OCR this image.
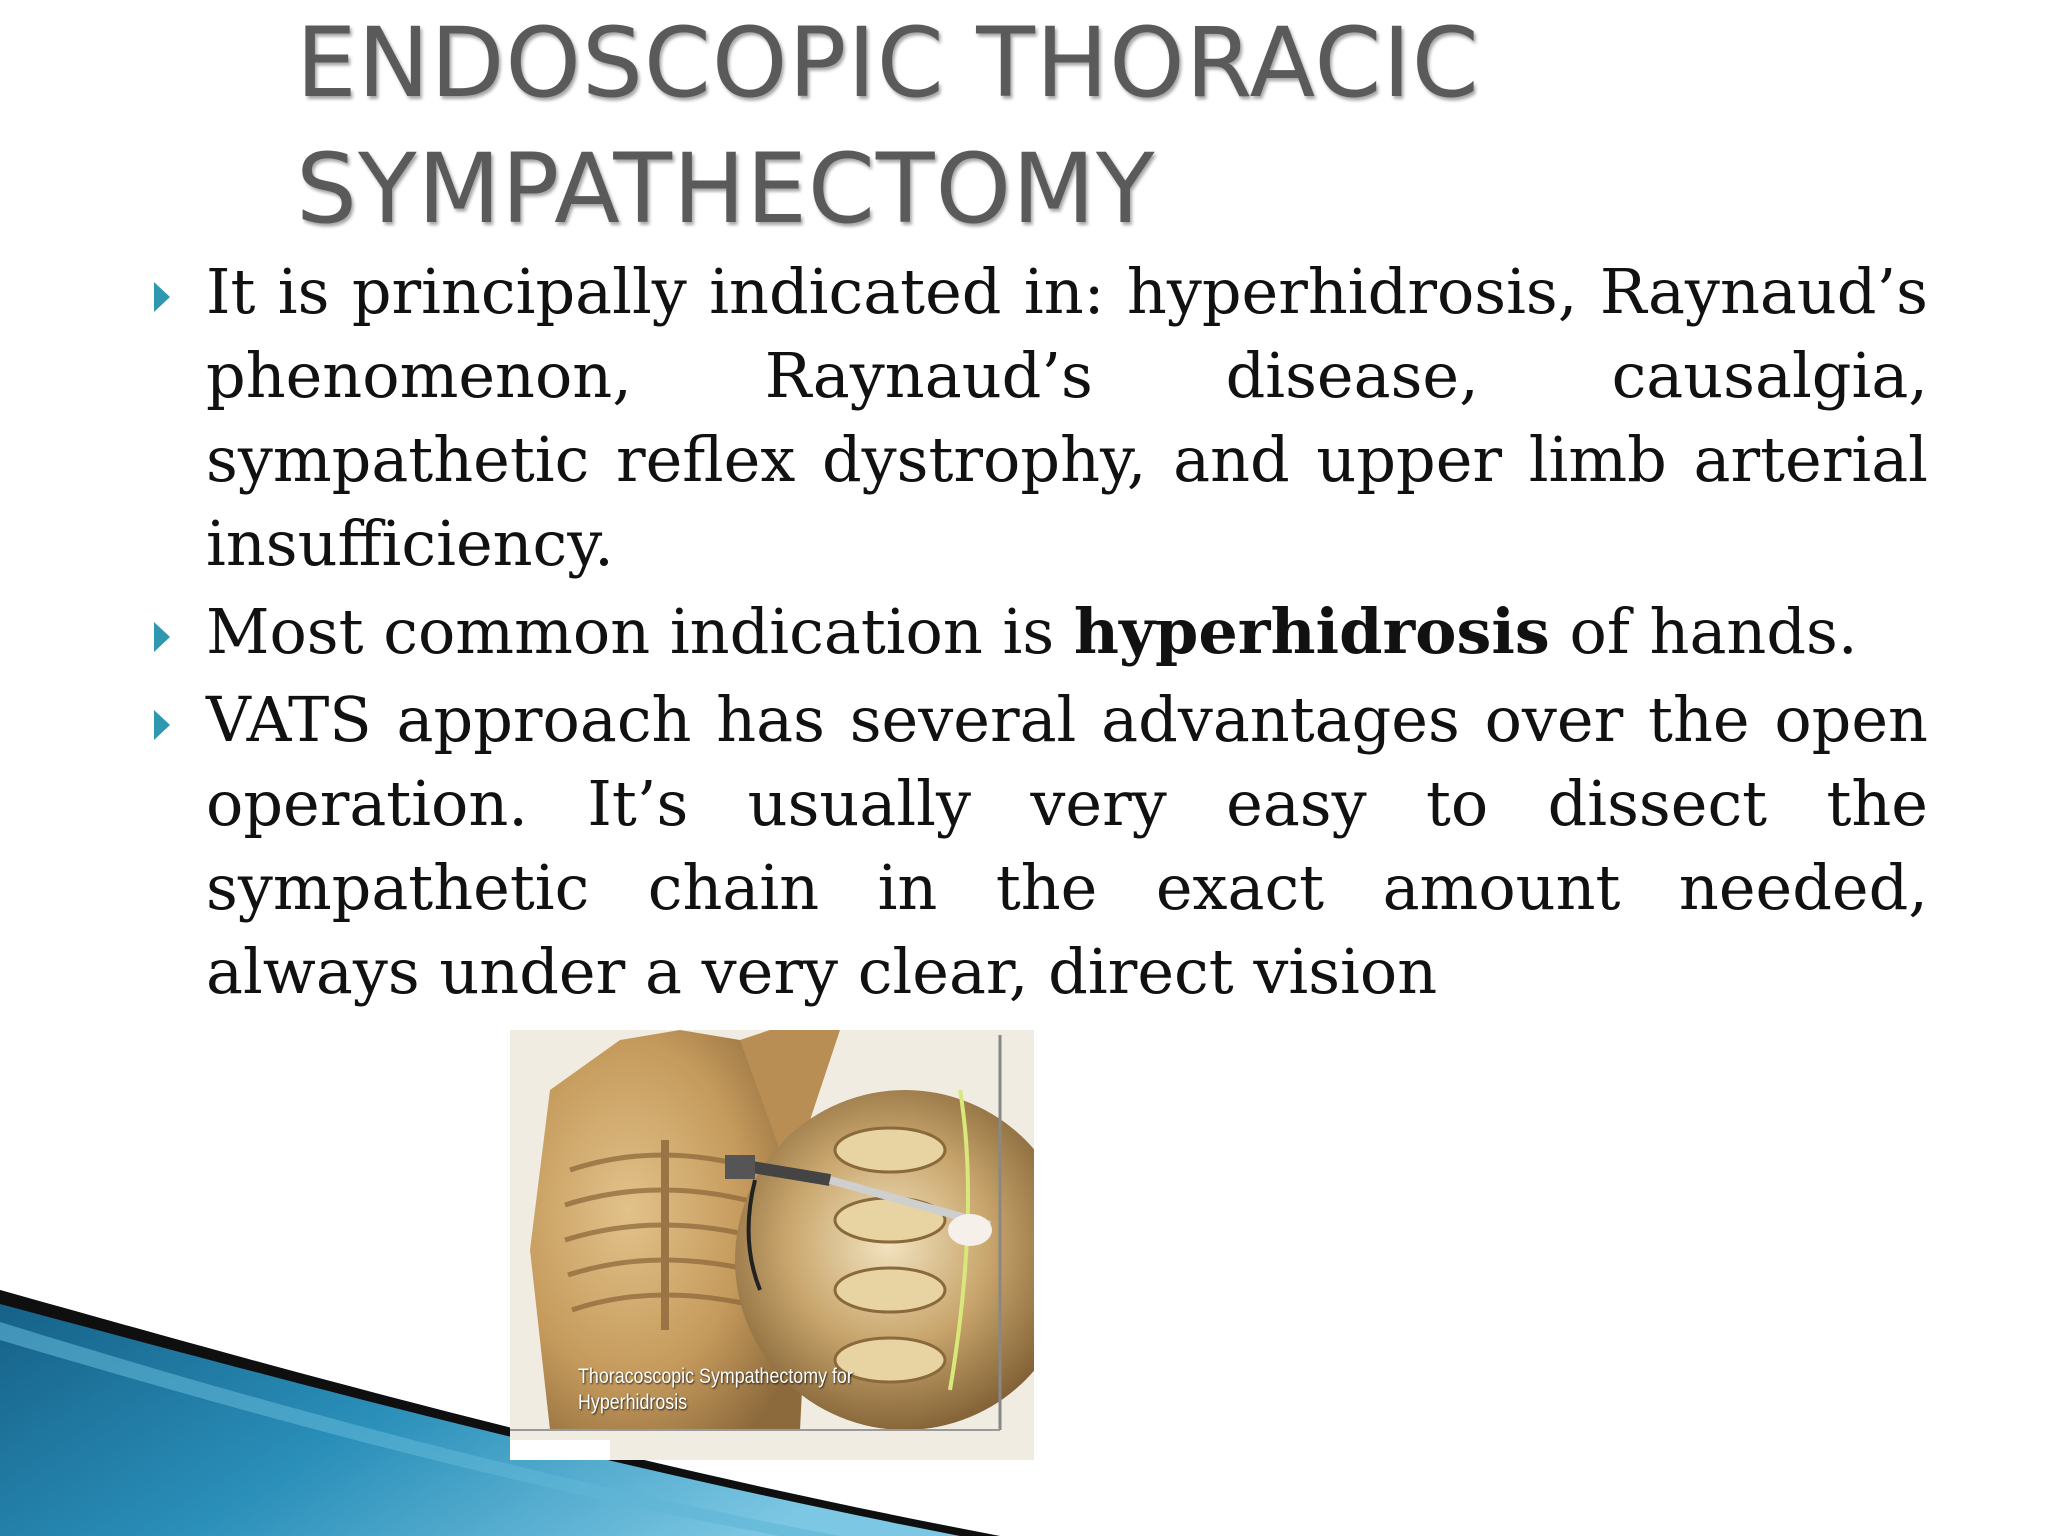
ENDOSCOPIC THORACIC
SYMPATHECTOMY
It is principally indicated in: hyperhidrosis, Raynaud’s phenomenon, Raynaud’s disease, causalgia, sympathetic reflex dystrophy, and upper limb arterial insufficiency.
Most common indication is hyperhidrosis of hands.
VATS approach has several advantages over the open operation. It’s usually very easy to dissect the sympathetic chain in the exact amount needed, always under a very clear, direct vision
Thoracoscopic Sympathectomy for
Hyperhidrosis
